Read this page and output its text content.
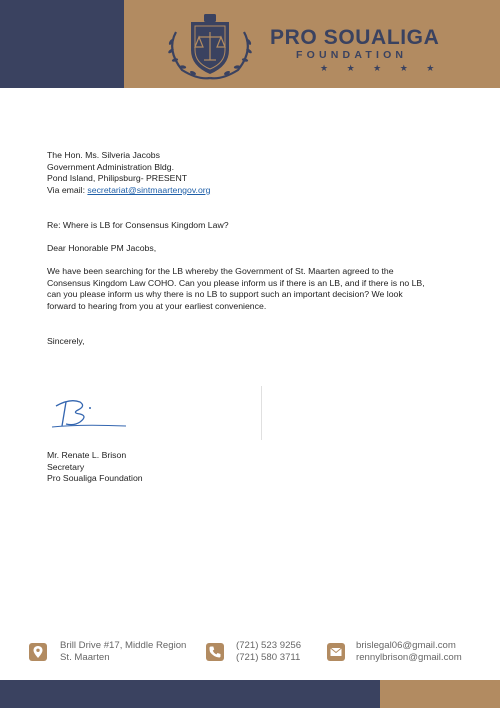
PRO SOUALIGA
FOUNDATION
★ ★ ★ ★ ★

The Hon. Ms. Silveria Jacobs

Government Administration Bldg.

Pond Island, Philipsburg- PRESENT

Via email: secretariat@sintmaartengov.org

Re: Where is LB for Consensus Kingdom Law?

Dear Honorable PM Jacobs,

We have been searching for the LB whereby the Government of St. Maarten agreed to the

Consensus Kingdom Law COHO. Can you please inform us if there is an LB, and if there is no LB,

can you please inform us why there is no LB to support such an important decision? We look

forward to hearing from you at your earliest convenience.

Sincerely,

Mr. Renate L. Brison

Secretary

Pro Soualiga Foundation

Brill Drive #17, Middle Region
St. Maarten
(721) 523 9256
(721) 580 3711
brislegal06@gmail.com
rennylbrison@gmail.com
